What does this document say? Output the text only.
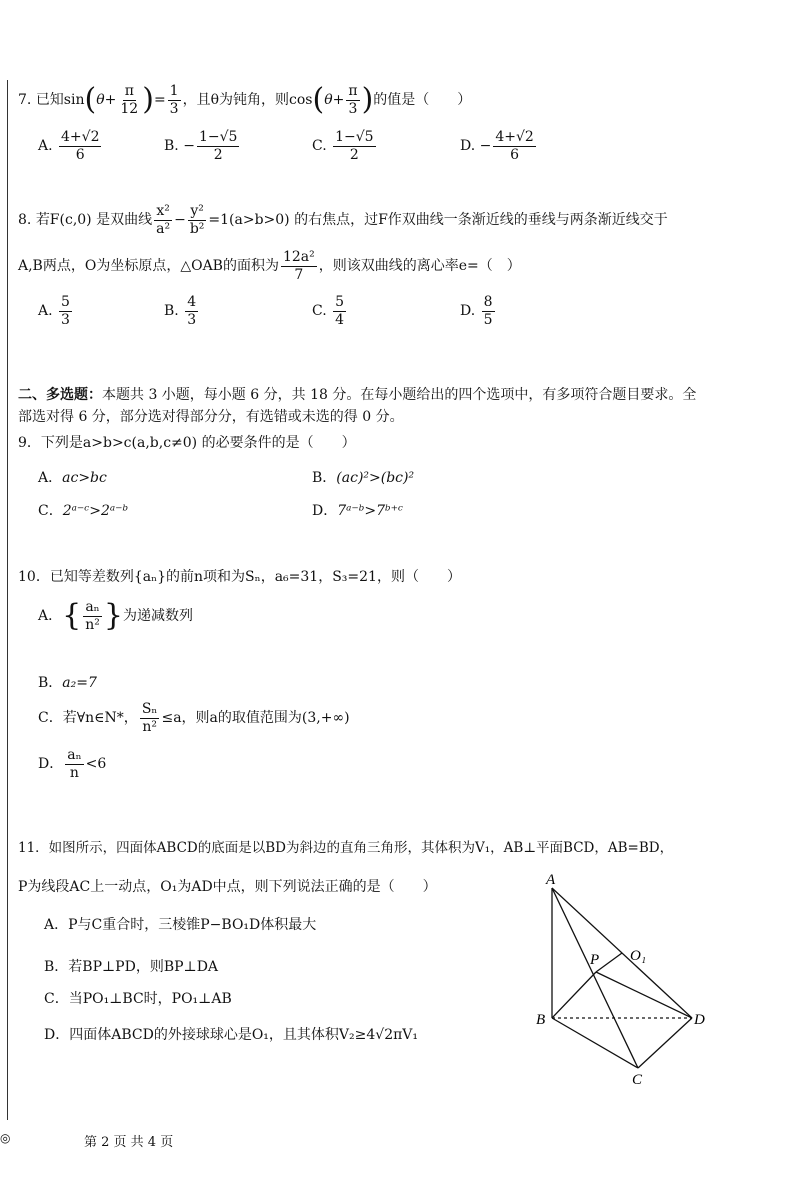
◎
7. 已知$\sin(\theta+ \frac{\pi}{12}$ )= $\frac{1}{3}$ ，且θ为钝角，则$\cos(\theta+ \frac{\pi}{3}$ )的值是（　　）
A. $\frac{4+√2}{6}$	B. − $\frac{1-√5}{2}$	C. $\frac{1-√5}{2}$	D. − $\frac{4+√2}{6}$
8. 若F(c,0) 是双曲线 $\frac{\text{x²}}{\text{a²}} - \frac{\text{y²}}{\text{b²}} =1(a>b>0)$ 的右焦点，过F作双曲线一条渐近线的垂线与两条渐近线交于
A,B两点，O为坐标原点，△OAB的面积为 $\frac{\text{12a²}}{7}$ ，则该双曲线的离心率e=（　）
A. $\frac{5}{3}$	B. $\frac{4}{3}$	C. $\frac{5}{4}$	D. $\frac{8}{5}$
二、多选题：本题共 3 小题，每小题 6 分，共 18 分。在每小题给出的四个选项中，有多项符合题目要求。全
部选对得 6 分，部分选对得部分分，有选错或未选的得 0 分。
9．下列是a>b>c(a,b,c≠0) 的必要条件的是（　　）
A．ac>bc	B．(ac)²>(bc)²
C．2ᵃ⁻ᶜ>2ᵃ⁻ᵇ	D．7ᵃ⁻ᵇ>7ᵇ⁺ᶜ
10．已知等差数列{aₙ}的前n项和为Sₙ，a₆=31，S₃=21，则（　　）
A．{ $\frac{\text{aₙ}}{\text{n²}}$ }为递减数列
B．a₂=7
C．若∀n∈N*， $\frac{\text{Sₙ}}{\text{n²}} \le a$，则a的取值范围为(3,+∞)
D． $\frac{\text{aₙ}}{n} <6$
11．如图所示，四面体ABCD的底面是以BD为斜边的直角三角形，其体积为V₁，AB⊥平面BCD，AB=BD，
P为线段AC上一动点，O₁为AD中点，则下列说法正确的是（　　）
A．P与C重合时，三棱锥P−BO₁D体积最大
B．若BP⊥PD，则BP⊥DA
C．当PO₁⊥BC时，PO₁⊥AB
D．四面体ABCD的外接球球心是O₁，且其体积V₂≥4√2πV₁
A
B
C
D
P O₁
第 2 页 共 4 页
